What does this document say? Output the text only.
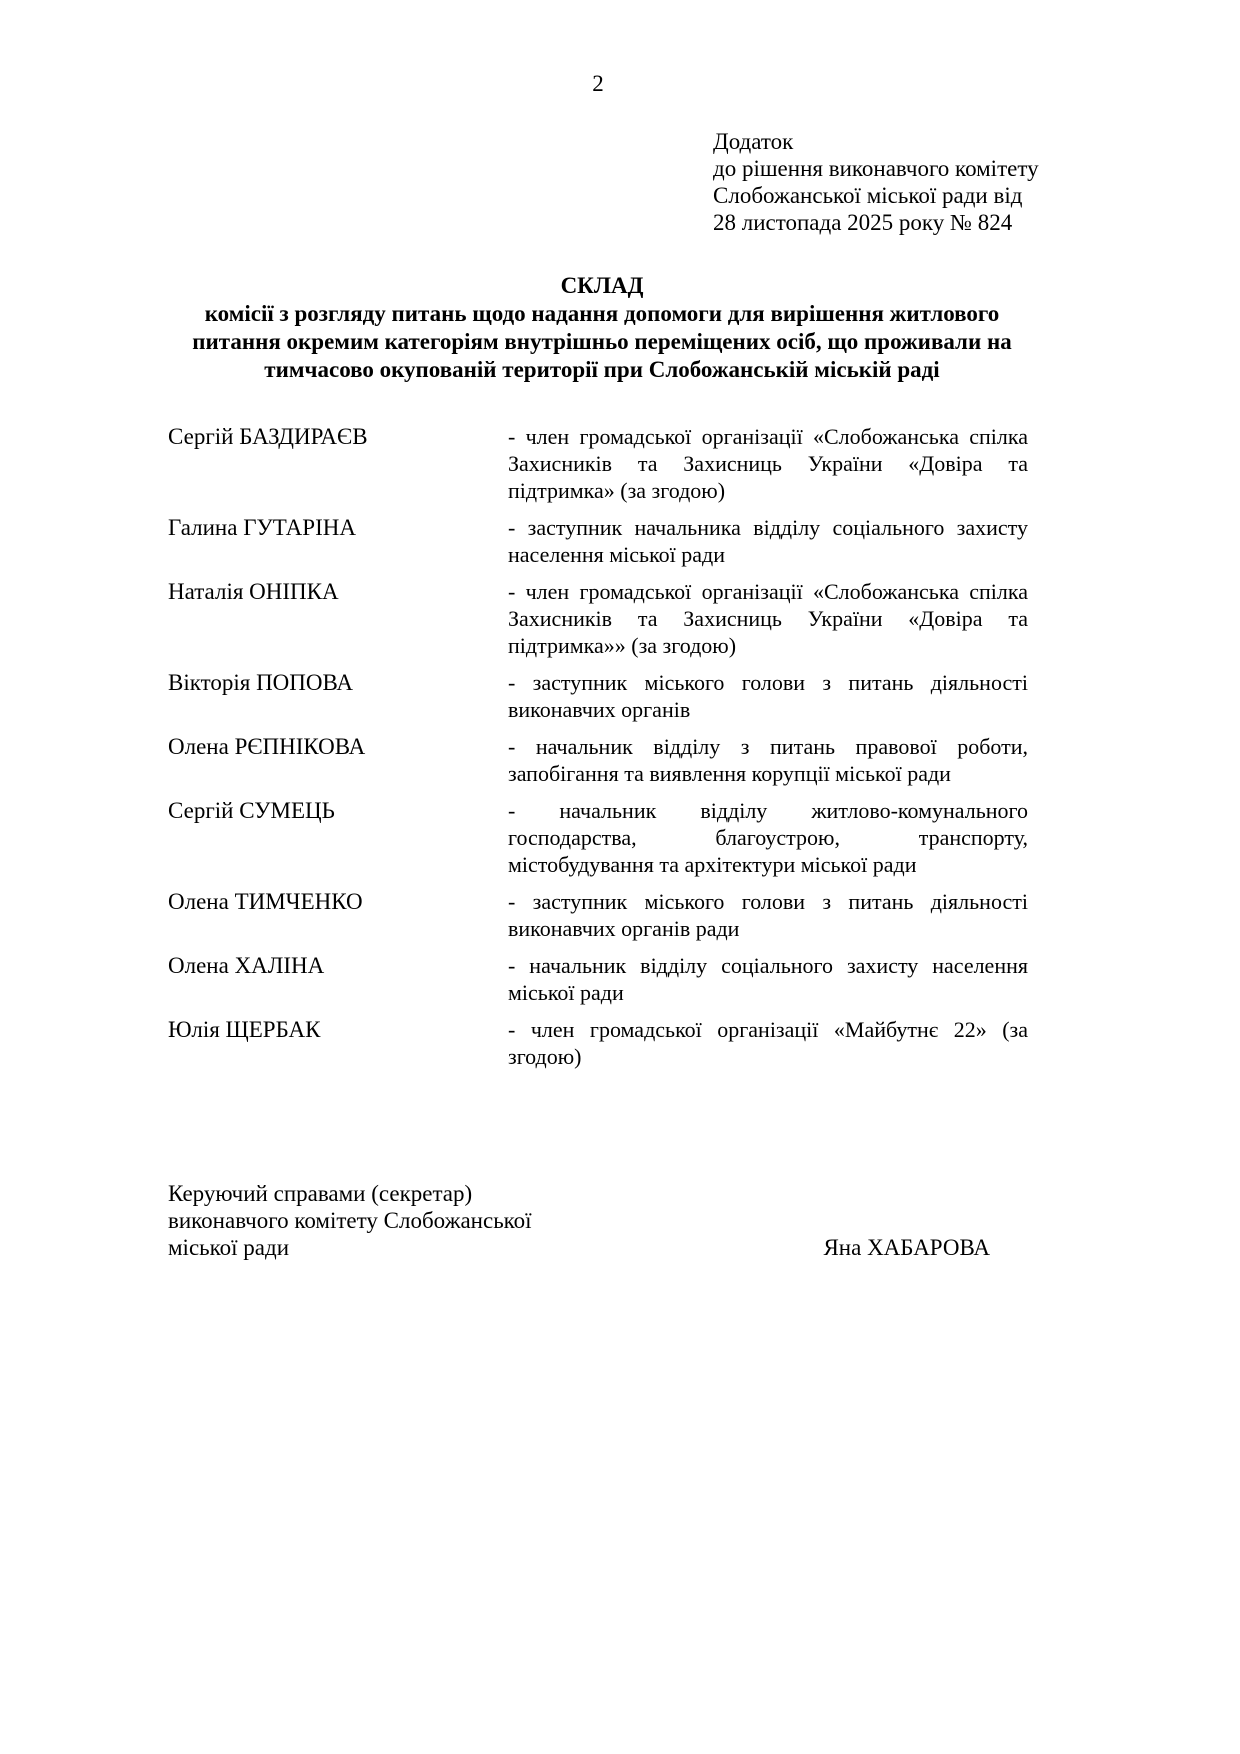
2
Додаток
до рішення виконавчого комітету
Слобожанської міської ради від
28 листопада 2025 року № 824
СКЛАД
комісії з розгляду питань щодо надання допомоги для вирішення житлового питання окремим категоріям внутрішньо переміщених осіб, що проживали на тимчасово окупованій території при Слобожанській міській раді
Сергій БАЗДИРАЄВ	- член громадської організації «Слобожанська спілка Захисників та Захисниць України «Довіра та підтримка» (за згодою)
Галина ГУТАРІНА	- заступник начальника відділу соціального захисту населення міської ради
Наталія ОНІПКА	- член громадської організації «Слобожанська спілка Захисників та Захисниць України «Довіра та підтримка»» (за згодою)
Вікторія ПОПОВА	- заступник міського голови з питань діяльності виконавчих органів
Олена РЄПНІКОВА	- начальник відділу з питань правової роботи, запобігання та виявлення корупції міської ради
Сергій СУМЕЦЬ	- начальник відділу житлово-комунального господарства, благоустрою, транспорту, містобудування та архітектури міської ради
Олена ТИМЧЕНКО	- заступник міського голови з питань діяльності виконавчих органів ради
Олена ХАЛІНА	- начальник відділу соціального захисту населення міської ради
Юлія ЩЕРБАК	- член громадської організації «Майбутнє 22» (за згодою)
Керуючий справами (секретар)
виконавчого комітету Слобожанської
міської ради	Яна ХАБАРОВА
